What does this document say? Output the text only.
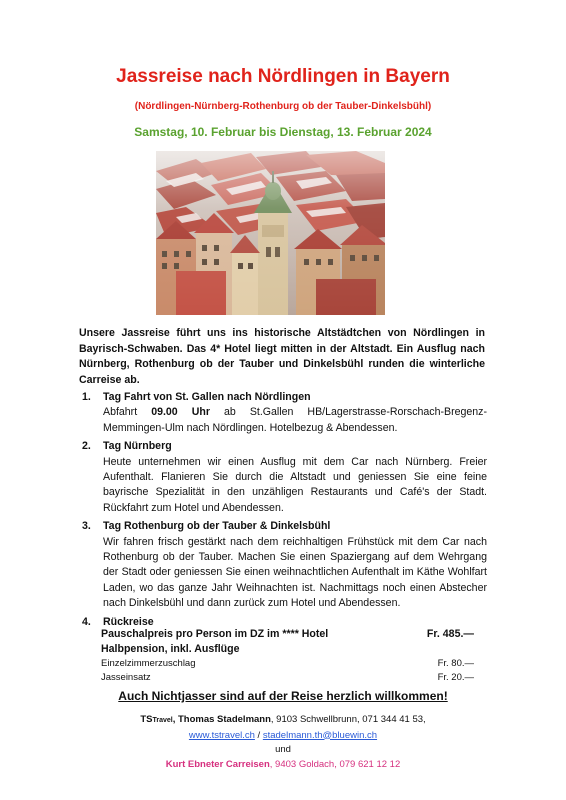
Jassreise nach Nördlingen in Bayern
(Nördlingen-Nürnberg-Rothenburg ob der Tauber-Dinkelsbühl)
Samstag, 10. Februar bis Dienstag, 13. Februar 2024
Unsere Jassreise führt uns ins historische Altstädtchen von Nördlingen in Bayrisch-Schwaben. Das 4* Hotel liegt mitten in der Altstadt. Ein Ausflug nach Nürnberg, Rothenburg ob der Tauber und Dinkelsbühl runden die winterliche Carreise ab.
1. Tag Fahrt von St. Gallen nach Nördlingen
Abfahrt 09.00 Uhr ab St.Gallen HB/Lagerstrasse-Rorschach-Bregenz-Memmingen-Ulm nach Nördlingen. Hotelbezug & Abendessen.
2. Tag Nürnberg
Heute unternehmen wir einen Ausflug mit dem Car nach Nürnberg. Freier Aufenthalt. Flanieren Sie durch die Altstadt und geniessen Sie eine feine bayrische Spezialität in den unzähligen Restaurants und Café's der Stadt. Rückfahrt zum Hotel und Abendessen.
3. Tag Rothenburg ob der Tauber & Dinkelsbühl
Wir fahren frisch gestärkt nach dem reichhaltigen Frühstück mit dem Car nach Rothenburg ob der Tauber. Machen Sie einen Spaziergang auf dem Wehrgang der Stadt oder geniessen Sie einen weihnachtlichen Aufenthalt im Käthe Wohlfart Laden, wo das ganze Jahr Weihnachten ist. Nachmittags noch einen Abstecher nach Dinkelsbühl und dann zurück zum Hotel und Abendessen.
4. Rückreise
Pauschalpreis pro Person im DZ im **** Hotel	Fr. 485.—
Halbpension, inkl. Ausflüge
Einzelzimmerzuschlag	Fr. 80.—
Jasseinsatz	Fr. 20.—
Auch Nichtjasser sind auf der Reise herzlich willkommen!
TSTravel, Thomas Stadelmann, 9103 Schwellbrunn, 071 344 41 53,
www.tstravel.ch / stadelmann.th@bluewin.ch
und
Kurt Ebneter Carreisen, 9403 Goldach, 079 621 12 12
